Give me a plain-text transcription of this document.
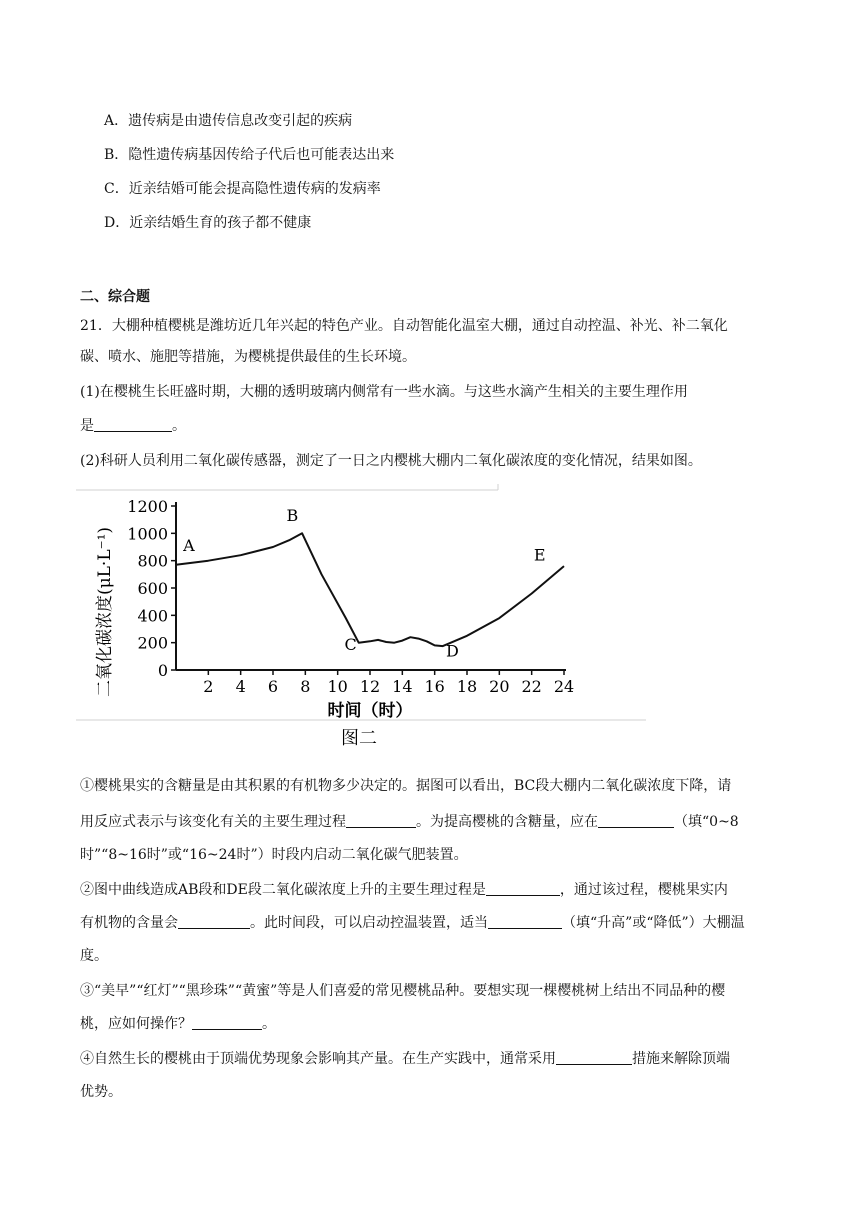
A．遗传病是由遗传信息改变引起的疾病
B．隐性遗传病基因传给子代后也可能表达出来
C．近亲结婚可能会提高隐性遗传病的发病率
D．近亲结婚生育的孩子都不健康
二、综合题
21．大棚种植樱桃是潍坊近几年兴起的特色产业。自动智能化温室大棚，通过自动控温、补光、补二氧化
碳、喷水、施肥等措施，为樱桃提供最佳的生长环境。
(1)在樱桃生长旺盛时期，大棚的透明玻璃内侧常有一些水滴。与这些水滴产生相关的主要生理作用
是	。
(2)科研人员利用二氧化碳传感器，测定了一日之内樱桃大棚内二氧化碳浓度的变化情况，结果如图。
0
200
400
600
800
1000
1200
2 4 6 8 10 12 14 16 18 20 22 24
A
B
C	D
E
二氧化碳浓度(μL·L⁻¹)
时间（时）
图二
①樱桃果实的含糖量是由其积累的有机物多少决定的。据图可以看出，BC段大棚内二氧化碳浓度下降，请
用反应式表示与该变化有关的主要生理过程	。为提高樱桃的含糖量，应在	（填“0~8
时”“8~16时”或“16~24时”）时段内启动二氧化碳气肥装置。
②图中曲线造成AB段和DE段二氧化碳浓度上升的主要生理过程是	，通过该过程，樱桃果实内
有机物的含量会	。此时间段，可以启动控温装置，适当	（填“升高”或“降低”）大棚温
度。
③“美早”“红灯”“黑珍珠”“黄蜜”等是人们喜爱的常见樱桃品种。要想实现一棵樱桃树上结出不同品种的樱
桃，应如何操作？	。
④自然生长的樱桃由于顶端优势现象会影响其产量。在生产实践中，通常采用	措施来解除顶端
优势。
